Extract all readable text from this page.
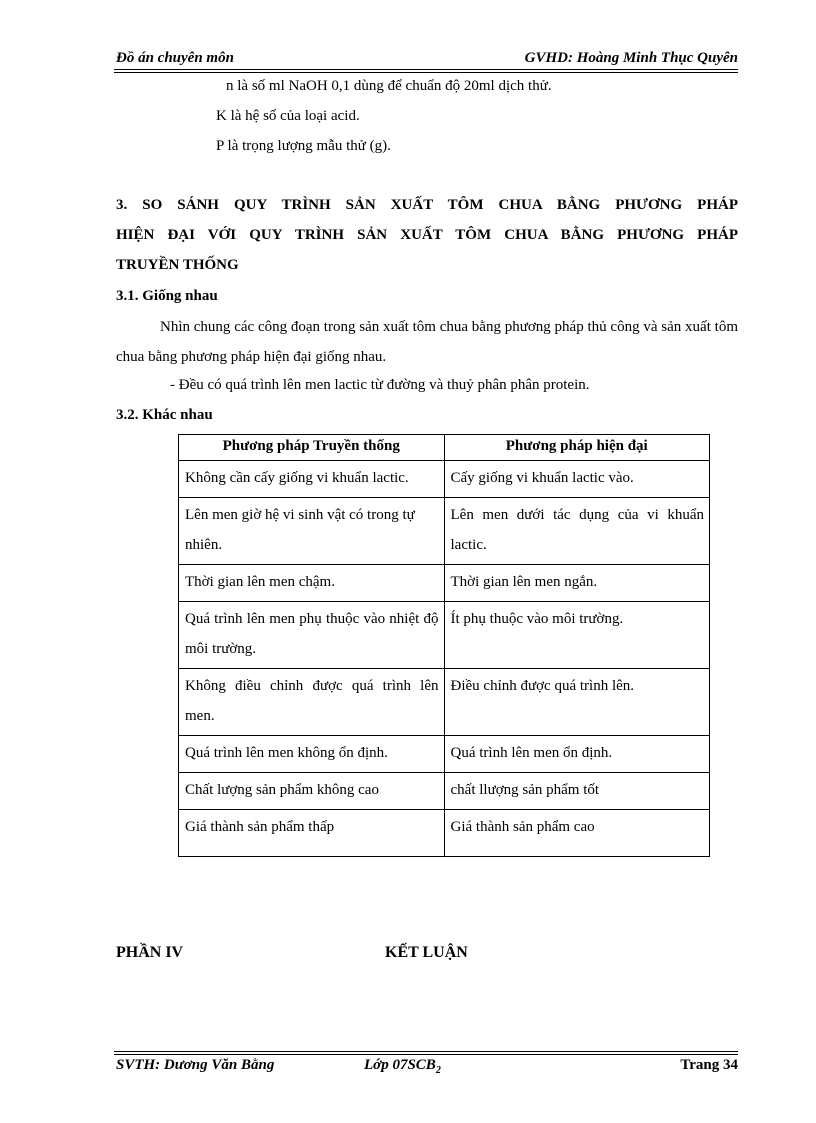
Đồ án chuyên môn	GVHD: Hoàng Minh Thục Quyên
n là số ml NaOH 0,1 dùng để chuẩn độ 20ml dịch thử.
K là hệ số của loại acid.
P là trọng lượng mẫu thử (g).
3. SO SÁNH QUY TRÌNH SẢN XUẤT TÔM CHUA BẰNG PHƯƠNG PHÁP
HIỆN ĐẠI VỚI QUY TRÌNH SẢN XUẤT TÔM CHUA BẰNG PHƯƠNG PHÁP
TRUYỀN THỐNG
3.1. Giống nhau
Nhìn chung các công đoạn trong sản xuất tôm chua bằng phương pháp thủ công và sản xuất tôm chua bằng phương pháp hiện đại giống nhau.
- Đều có quá trình lên men lactic từ đường và thuỷ phân phân protein.
3.2. Khác nhau
Phương pháp Truyền thống	Phương pháp hiện đại
Không cần cấy giống vi khuẩn lactic.	Cấy giống vi khuẩn lactic vào.
Lên men giờ hệ vi sinh vật có trong tự nhiên.	Lên men dưới tác dụng của vi khuẩn lactic.
Thời gian lên men chậm.	Thời gian lên men ngắn.
Quá trình lên men phụ thuộc vào nhiệt độ môi trường.	Ít phụ thuộc vào môi trường.
Không điều chỉnh được quá trình lên men.	Điều chỉnh được quá trình lên.
Quá trình lên men không ổn định.	Quá trình lên men ổn định.
Chất lượng sản phẩm không cao	chất llượng sản phẩm tốt
Giá thành sản phẩm thấp	Giá thành sản phẩm cao
PHẦN IV	KẾT LUẬN
SVTH: Dương Văn Bằng	Lớp $07SCB_2$	Trang 34
